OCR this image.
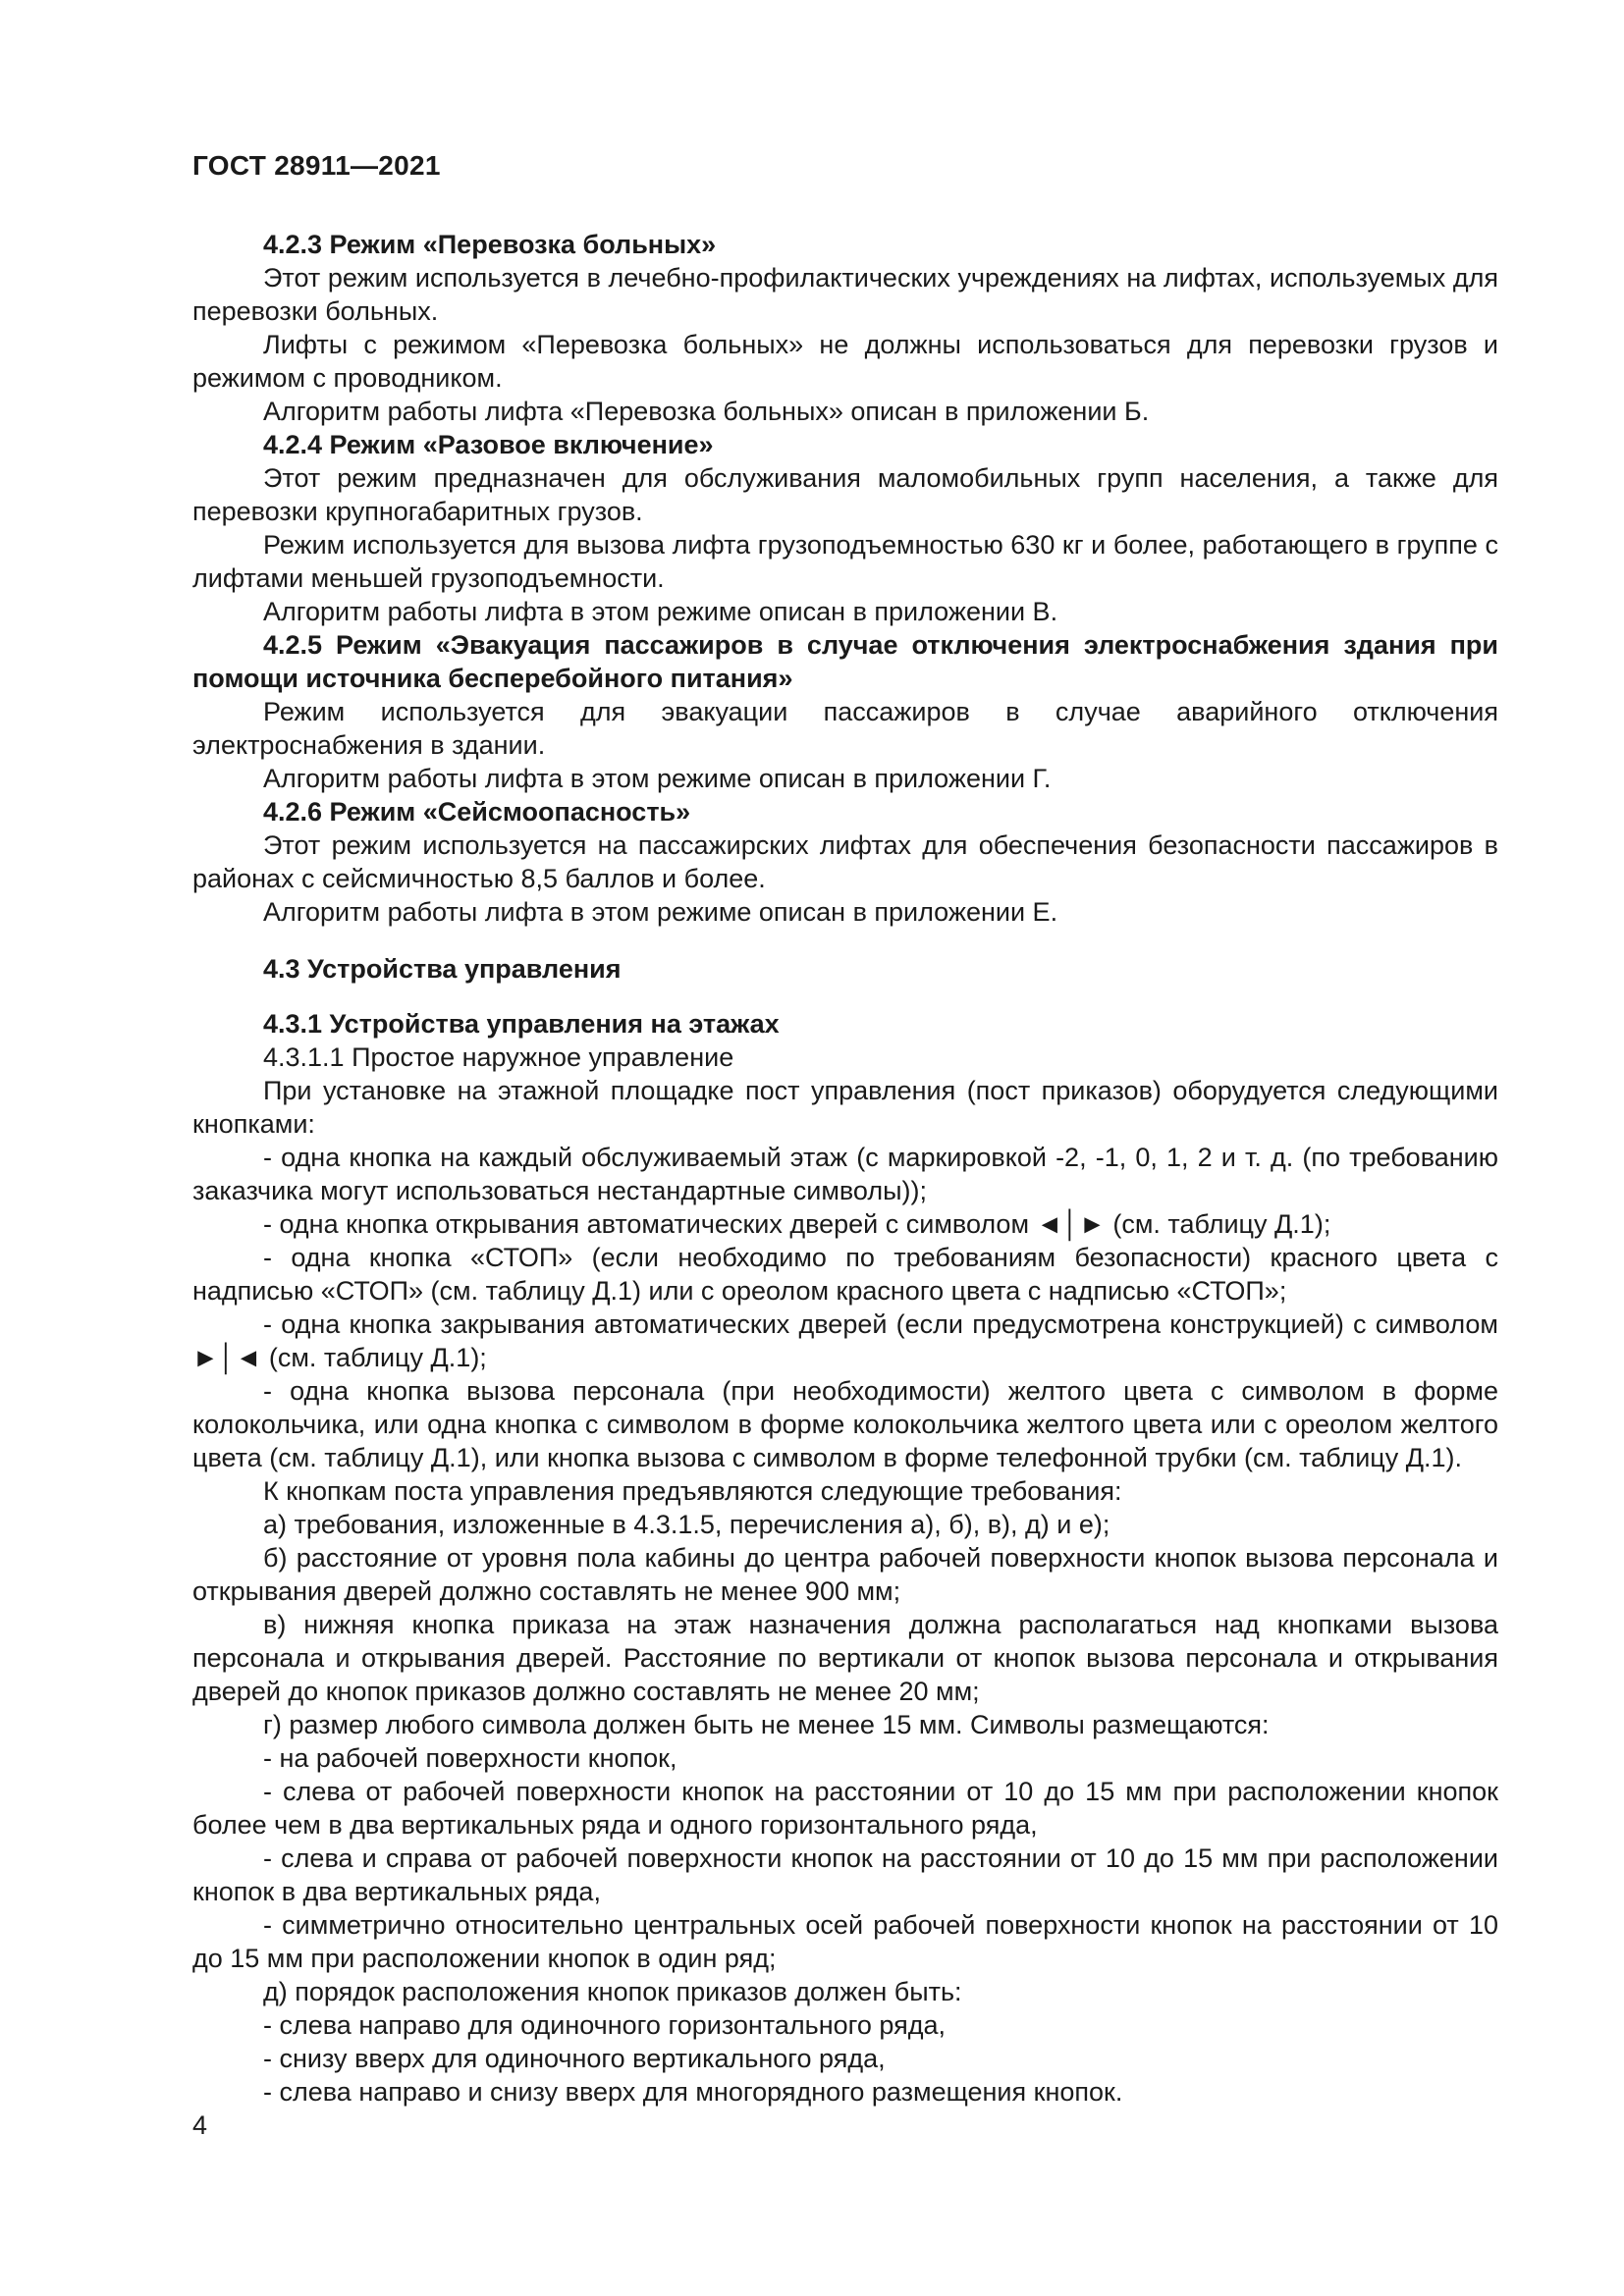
ГОСТ 28911—2021

4.2.3 Режим «Перевозка больных»

Этот режим используется в лечебно-профилактических учреждениях на лифтах, используемых для перевозки больных.

Лифты с режимом «Перевозка больных» не должны использоваться для перевозки грузов и режимом с проводником.

Алгоритм работы лифта «Перевозка больных» описан в приложении Б.

4.2.4 Режим «Разовое включение»

Этот режим предназначен для обслуживания маломобильных групп населения, а также для перевозки крупногабаритных грузов.

Режим используется для вызова лифта грузоподъемностью 630 кг и более, работающего в группе с лифтами меньшей грузоподъемности.

Алгоритм работы лифта в этом режиме описан в приложении В.

4.2.5 Режим «Эвакуация пассажиров в случае отключения электроснабжения здания при помощи источника бесперебойного питания»

Режим используется для эвакуации пассажиров в случае аварийного отключения электроснабжения в здании.

Алгоритм работы лифта в этом режиме описан в приложении Г.

4.2.6 Режим «Сейсмоопасность»

Этот режим используется на пассажирских лифтах для обеспечения безопасности пассажиров в районах с сейсмичностью 8,5 баллов и более.

Алгоритм работы лифта в этом режиме описан в приложении Е.

4.3 Устройства управления

4.3.1 Устройства управления на этажах

4.3.1.1 Простое наружное управление

При установке на этажной площадке пост управления (пост приказов) оборудуется следующими кнопками:

- одна кнопка на каждый обслуживаемый этаж (с маркировкой -2, -1, 0, 1, 2 и т. д. (по требованию заказчика могут использоваться нестандартные символы));

- одна кнопка открывания автоматических дверей с символом ◄│► (см. таблицу Д.1);

- одна кнопка «СТОП» (если необходимо по требованиям безопасности) красного цвета с надписью «СТОП» (см. таблицу Д.1) или с ореолом красного цвета с надписью «СТОП»;

- одна кнопка закрывания автоматических дверей (если предусмотрена конструкцией) с символом ►│◄ (см. таблицу Д.1);

- одна кнопка вызова персонала (при необходимости) желтого цвета с символом в форме колокольчика, или одна кнопка с символом в форме колокольчика желтого цвета или с ореолом желтого цвета (см. таблицу Д.1), или кнопка вызова с символом в форме телефонной трубки (см. таблицу Д.1).

К кнопкам поста управления предъявляются следующие требования:

а) требования, изложенные в 4.3.1.5, перечисления а), б), в), д) и е);

б) расстояние от уровня пола кабины до центра рабочей поверхности кнопок вызова персонала и открывания дверей должно составлять не менее 900 мм;

в) нижняя кнопка приказа на этаж назначения должна располагаться над кнопками вызова персонала и открывания дверей. Расстояние по вертикали от кнопок вызова персонала и открывания дверей до кнопок приказов должно составлять не менее 20 мм;

г) размер любого символа должен быть не менее 15 мм. Символы размещаются:

- на рабочей поверхности кнопок,

- слева от рабочей поверхности кнопок на расстоянии от 10 до 15 мм при расположении кнопок более чем в два вертикальных ряда и одного горизонтального ряда,

- слева и справа от рабочей поверхности кнопок на расстоянии от 10 до 15 мм при расположении кнопок в два вертикальных ряда,

- симметрично относительно центральных осей рабочей поверхности кнопок на расстоянии от 10 до 15 мм при расположении кнопок в один ряд;

д) порядок расположения кнопок приказов должен быть:

- слева направо для одиночного горизонтального ряда,

- снизу вверх для одиночного вертикального ряда,

- слева направо и снизу вверх для многорядного размещения кнопок.

4
